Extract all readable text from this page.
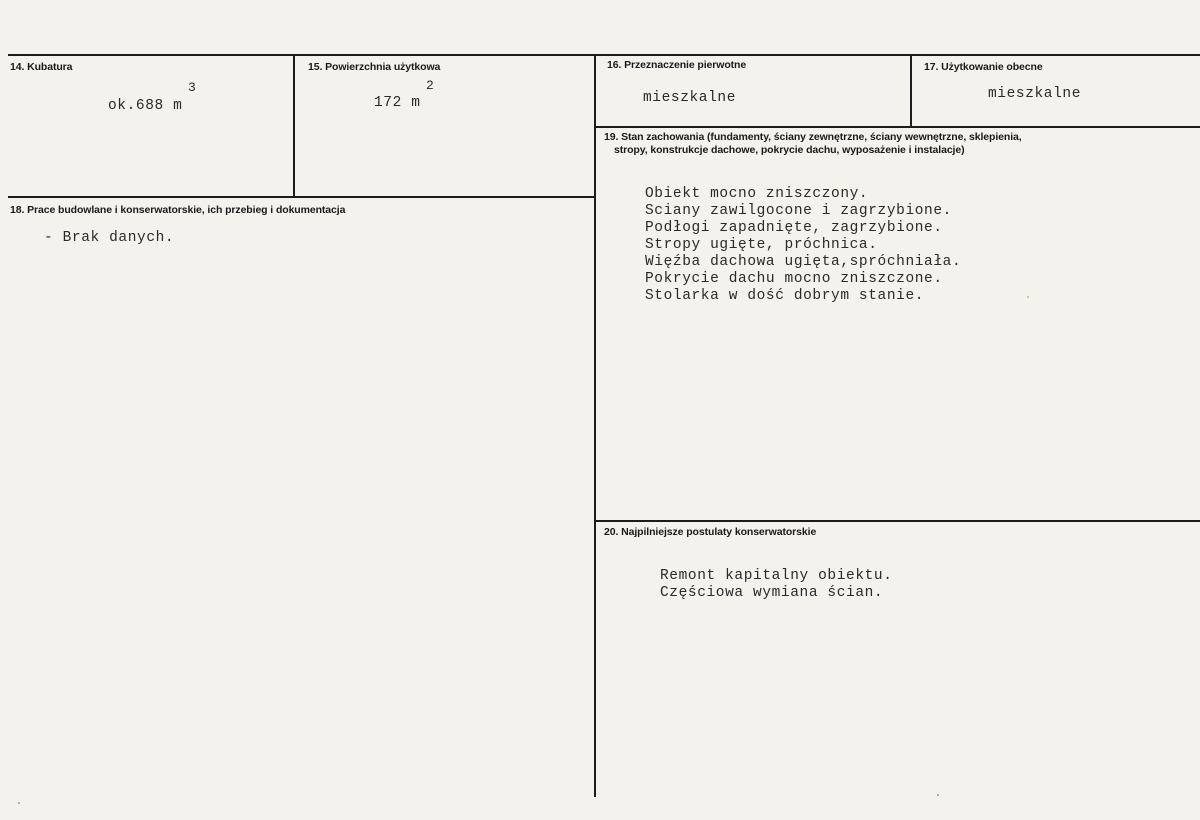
14. Kubatura
3
ok.688 m
15. Powierzchnia użytkowa
2
172 m
16. Przeznaczenie pierwotne
mieszkalne
17. Użytkowanie obecne
mieszkalne
18. Prace budowlane i konserwatorskie, ich przebieg i dokumentacja
- Brak danych.
19. Stan zachowania (fundamenty, ściany zewnętrzne, ściany wewnętrzne, sklepienia,
stropy, konstrukcje dachowe, pokrycie dachu, wyposażenie i instalacje)
Obiekt mocno zniszczony.
Sciany zawilgocone i zagrzybione.
Podłogi zapadnięte, zagrzybione.
Stropy ugięte, próchnica.
Więźba dachowa ugięta,spróchniała.
Pokrycie dachu mocno zniszczone.
Stolarka w dość dobrym stanie.
20. Najpilniejsze postulaty konserwatorskie
Remont kapitalny obiektu.
Częściowa wymiana ścian.
